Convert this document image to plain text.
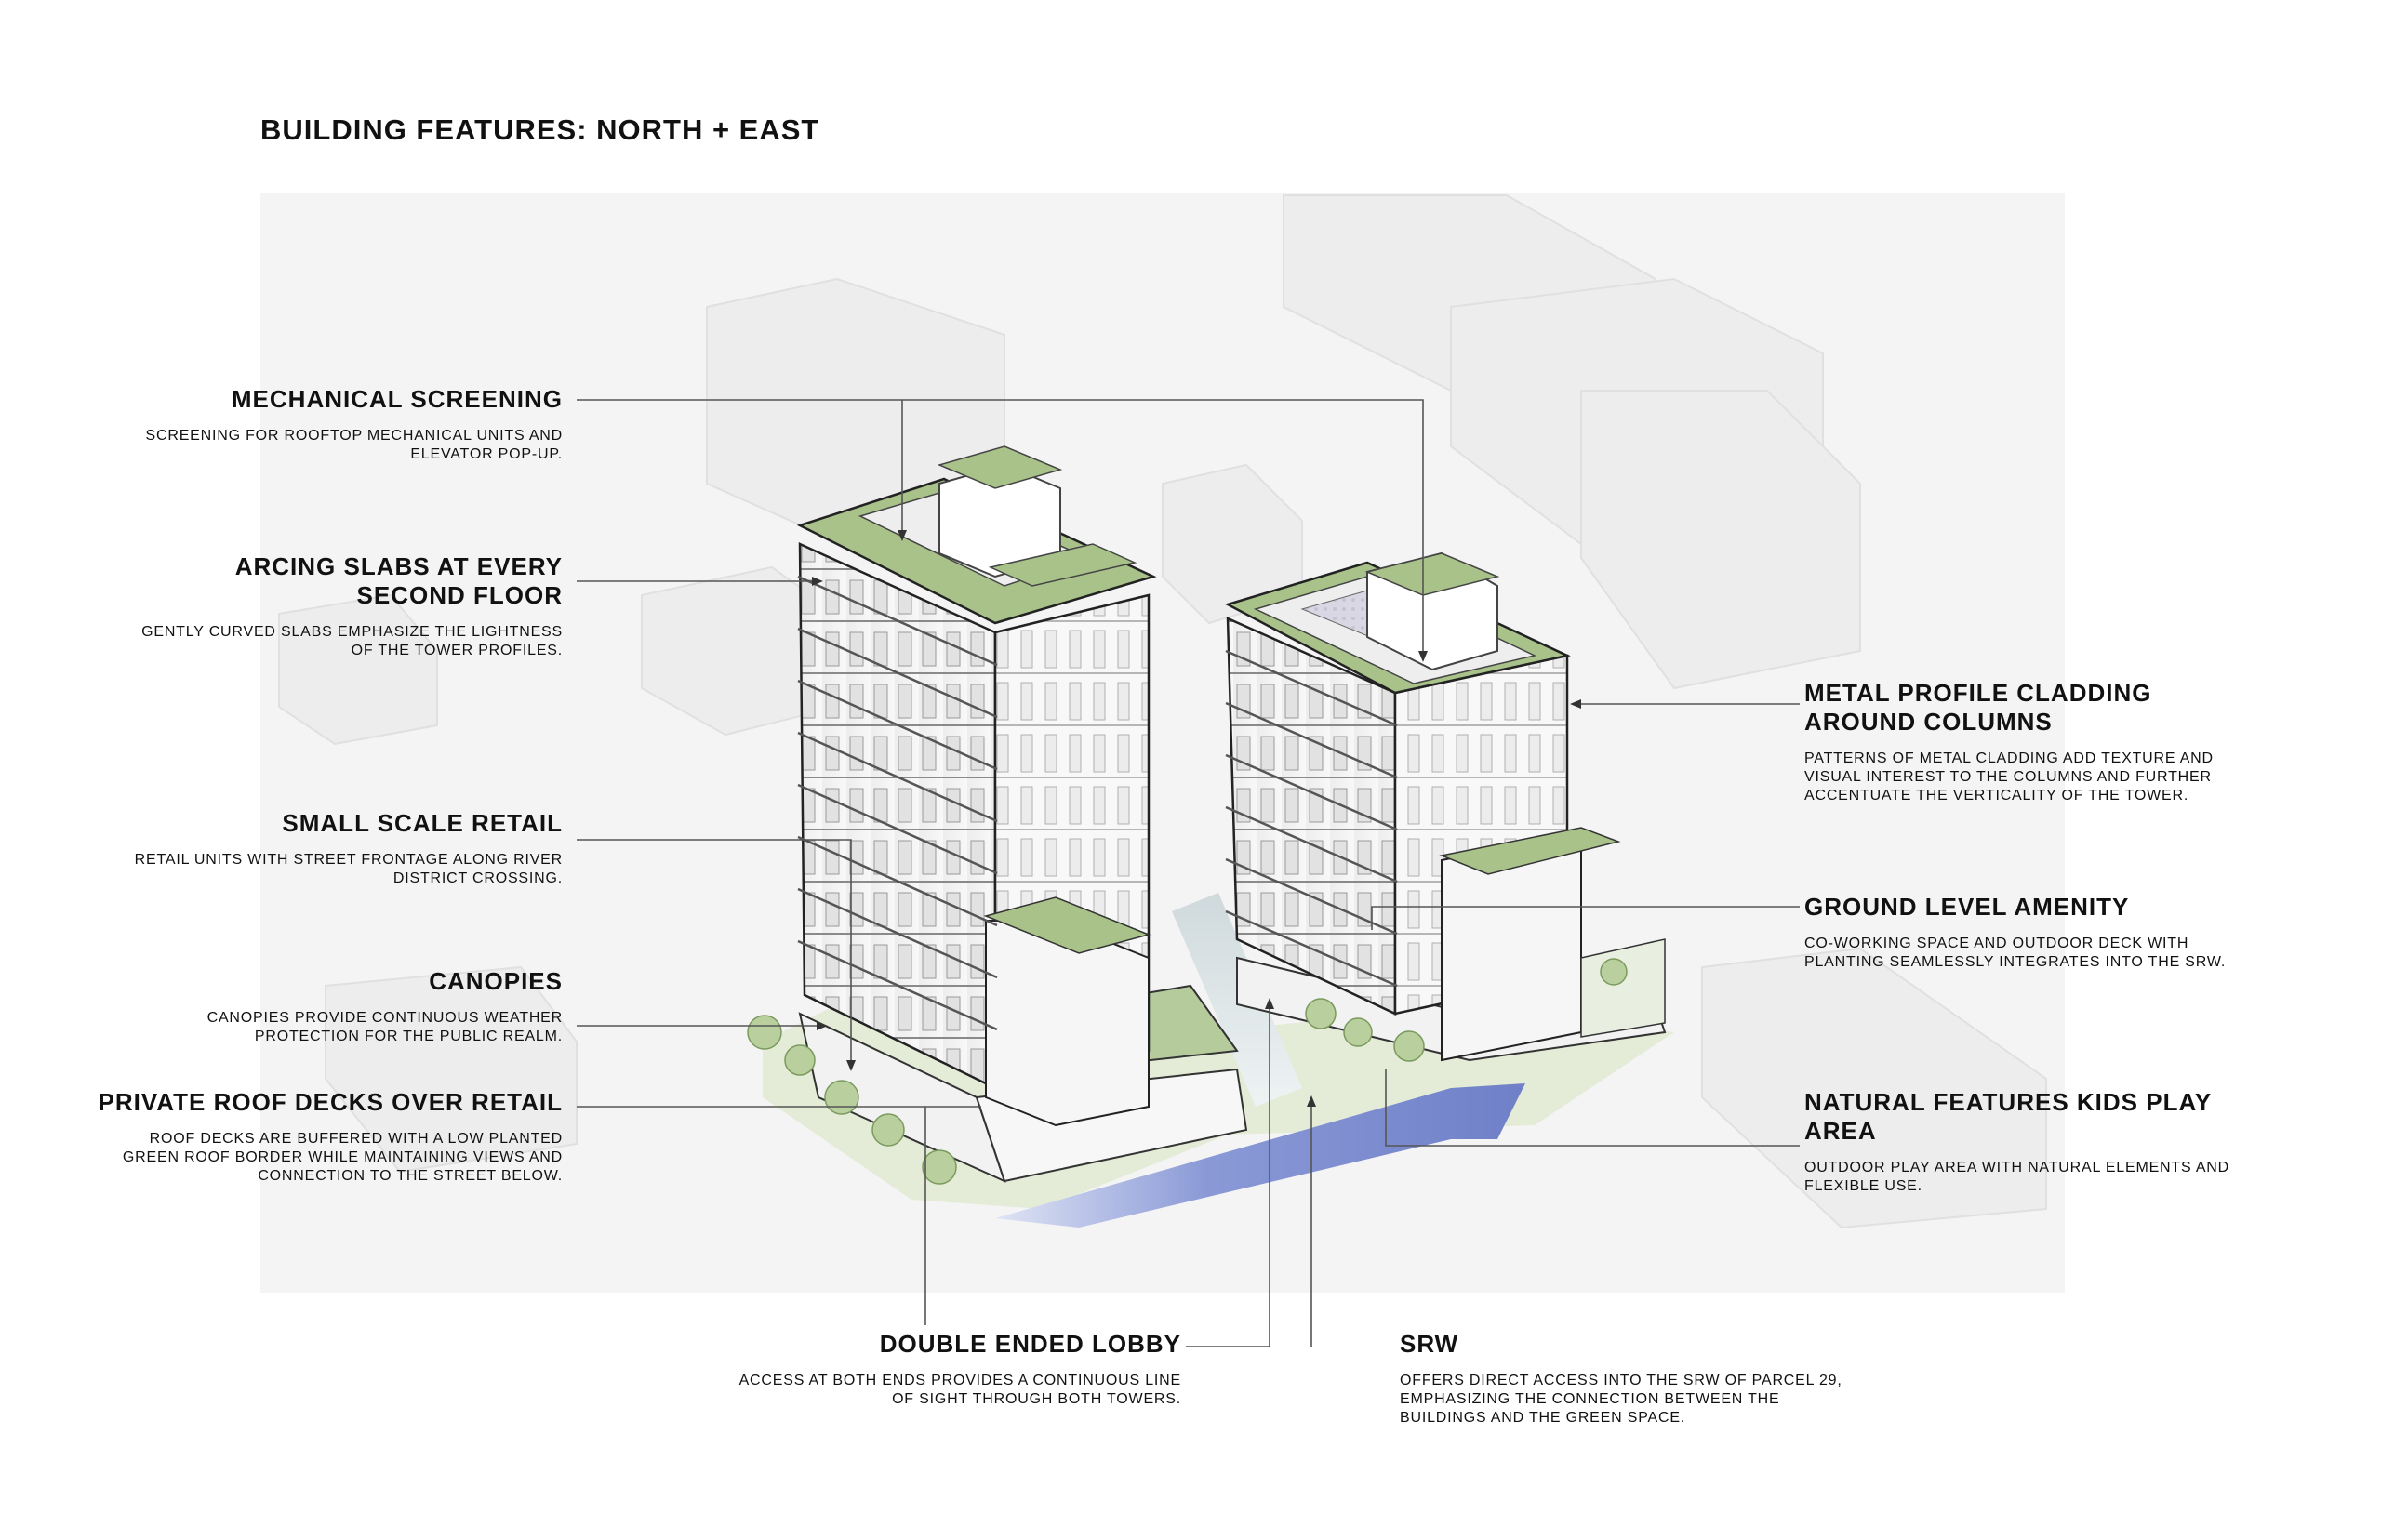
BUILDING FEATURES: NORTH + EAST
MECHANICAL SCREENING
SCREENING FOR ROOFTOP MECHANICAL UNITS AND ELEVATOR POP-UP.
ARCING SLABS AT EVERY SECOND FLOOR
GENTLY CURVED SLABS EMPHASIZE THE LIGHTNESS OF THE TOWER PROFILES.
SMALL SCALE RETAIL
RETAIL UNITS WITH STREET FRONTAGE ALONG RIVER DISTRICT CROSSING.
CANOPIES
CANOPIES PROVIDE CONTINUOUS WEATHER PROTECTION FOR THE PUBLIC REALM.
PRIVATE ROOF DECKS OVER RETAIL
ROOF DECKS ARE BUFFERED WITH A LOW PLANTED GREEN ROOF BORDER WHILE MAINTAINING VIEWS AND CONNECTION TO THE STREET BELOW.
METAL PROFILE CLADDING AROUND COLUMNS
PATTERNS OF METAL CLADDING ADD TEXTURE AND VISUAL INTEREST TO THE COLUMNS AND FURTHER ACCENTUATE THE VERTICALITY OF THE TOWER.
GROUND LEVEL AMENITY
CO-WORKING SPACE AND OUTDOOR DECK WITH PLANTING SEAMLESSLY INTEGRATES INTO THE SRW.
NATURAL FEATURES KIDS PLAY AREA
OUTDOOR PLAY AREA WITH NATURAL ELEMENTS AND FLEXIBLE USE.
DOUBLE ENDED LOBBY
ACCESS AT BOTH ENDS PROVIDES A CONTINUOUS LINE OF SIGHT THROUGH BOTH TOWERS.
SRW
OFFERS DIRECT ACCESS INTO THE SRW OF PARCEL 29, EMPHASIZING THE CONNECTION BETWEEN THE BUILDINGS AND THE GREEN SPACE.
